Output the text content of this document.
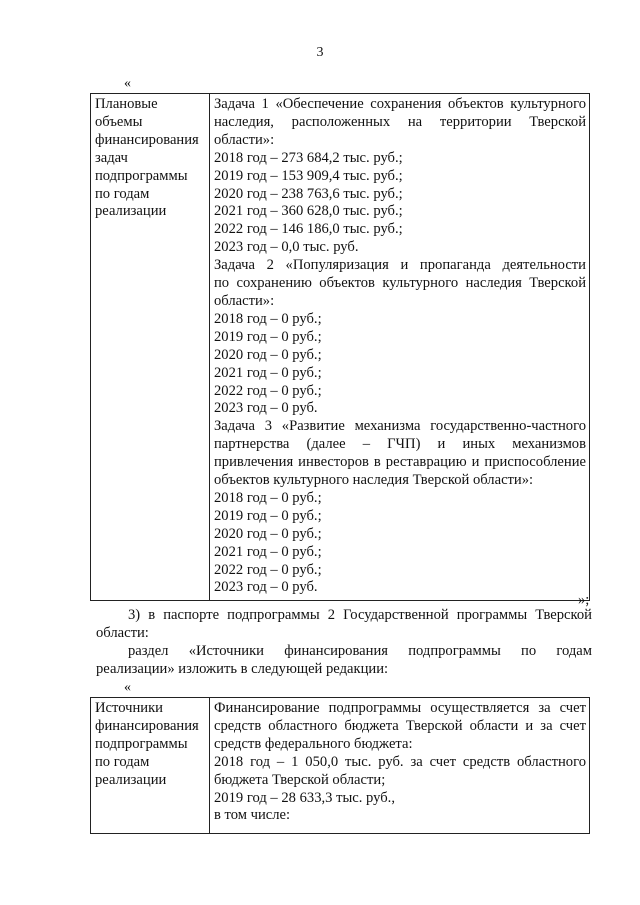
3
«
Плановые
объемы
финансирования
задач
подпрограммы
по годам
реализации

Задача 1 «Обеспечение сохранения объектов культурного
наследия, расположенных на территории Тверской
области»:
2018 год – 273 684,2 тыс. руб.;
2019 год – 153 909,4 тыс. руб.;
2020 год – 238 763,6 тыс. руб.;
2021 год – 360 628,0 тыс. руб.;
2022 год – 146 186,0 тыс. руб.;
2023 год – 0,0 тыс. руб.
Задача 2 «Популяризация и пропаганда деятельности
по сохранению объектов культурного наследия Тверской
области»:
2018 год – 0 руб.;
2019 год – 0 руб.;
2020 год – 0 руб.;
2021 год – 0 руб.;
2022 год – 0 руб.;
2023 год – 0 руб.
Задача 3 «Развитие механизма государственно-частного
партнерства (далее – ГЧП) и иных механизмов
привлечения инвесторов в реставрацию и приспособление
объектов культурного наследия Тверской области»:
2018 год – 0 руб.;
2019 год – 0 руб.;
2020 год – 0 руб.;
2021 год – 0 руб.;
2022 год – 0 руб.;
2023 год – 0 руб.
»;
3) в паспорте подпрограммы 2 Государственной программы Тверской
области:
раздел «Источники финансирования подпрограммы по годам
реализации» изложить в следующей редакции:
«
Источники
финансирования
подпрограммы
по годам
реализации

Финансирование подпрограммы осуществляется за счет
средств областного бюджета Тверской области и за счет
средств федерального бюджета:
2018 год – 1 050,0 тыс. руб. за счет средств областного
бюджета Тверской области;
2019 год – 28 633,3 тыс. руб.,
в том числе:
